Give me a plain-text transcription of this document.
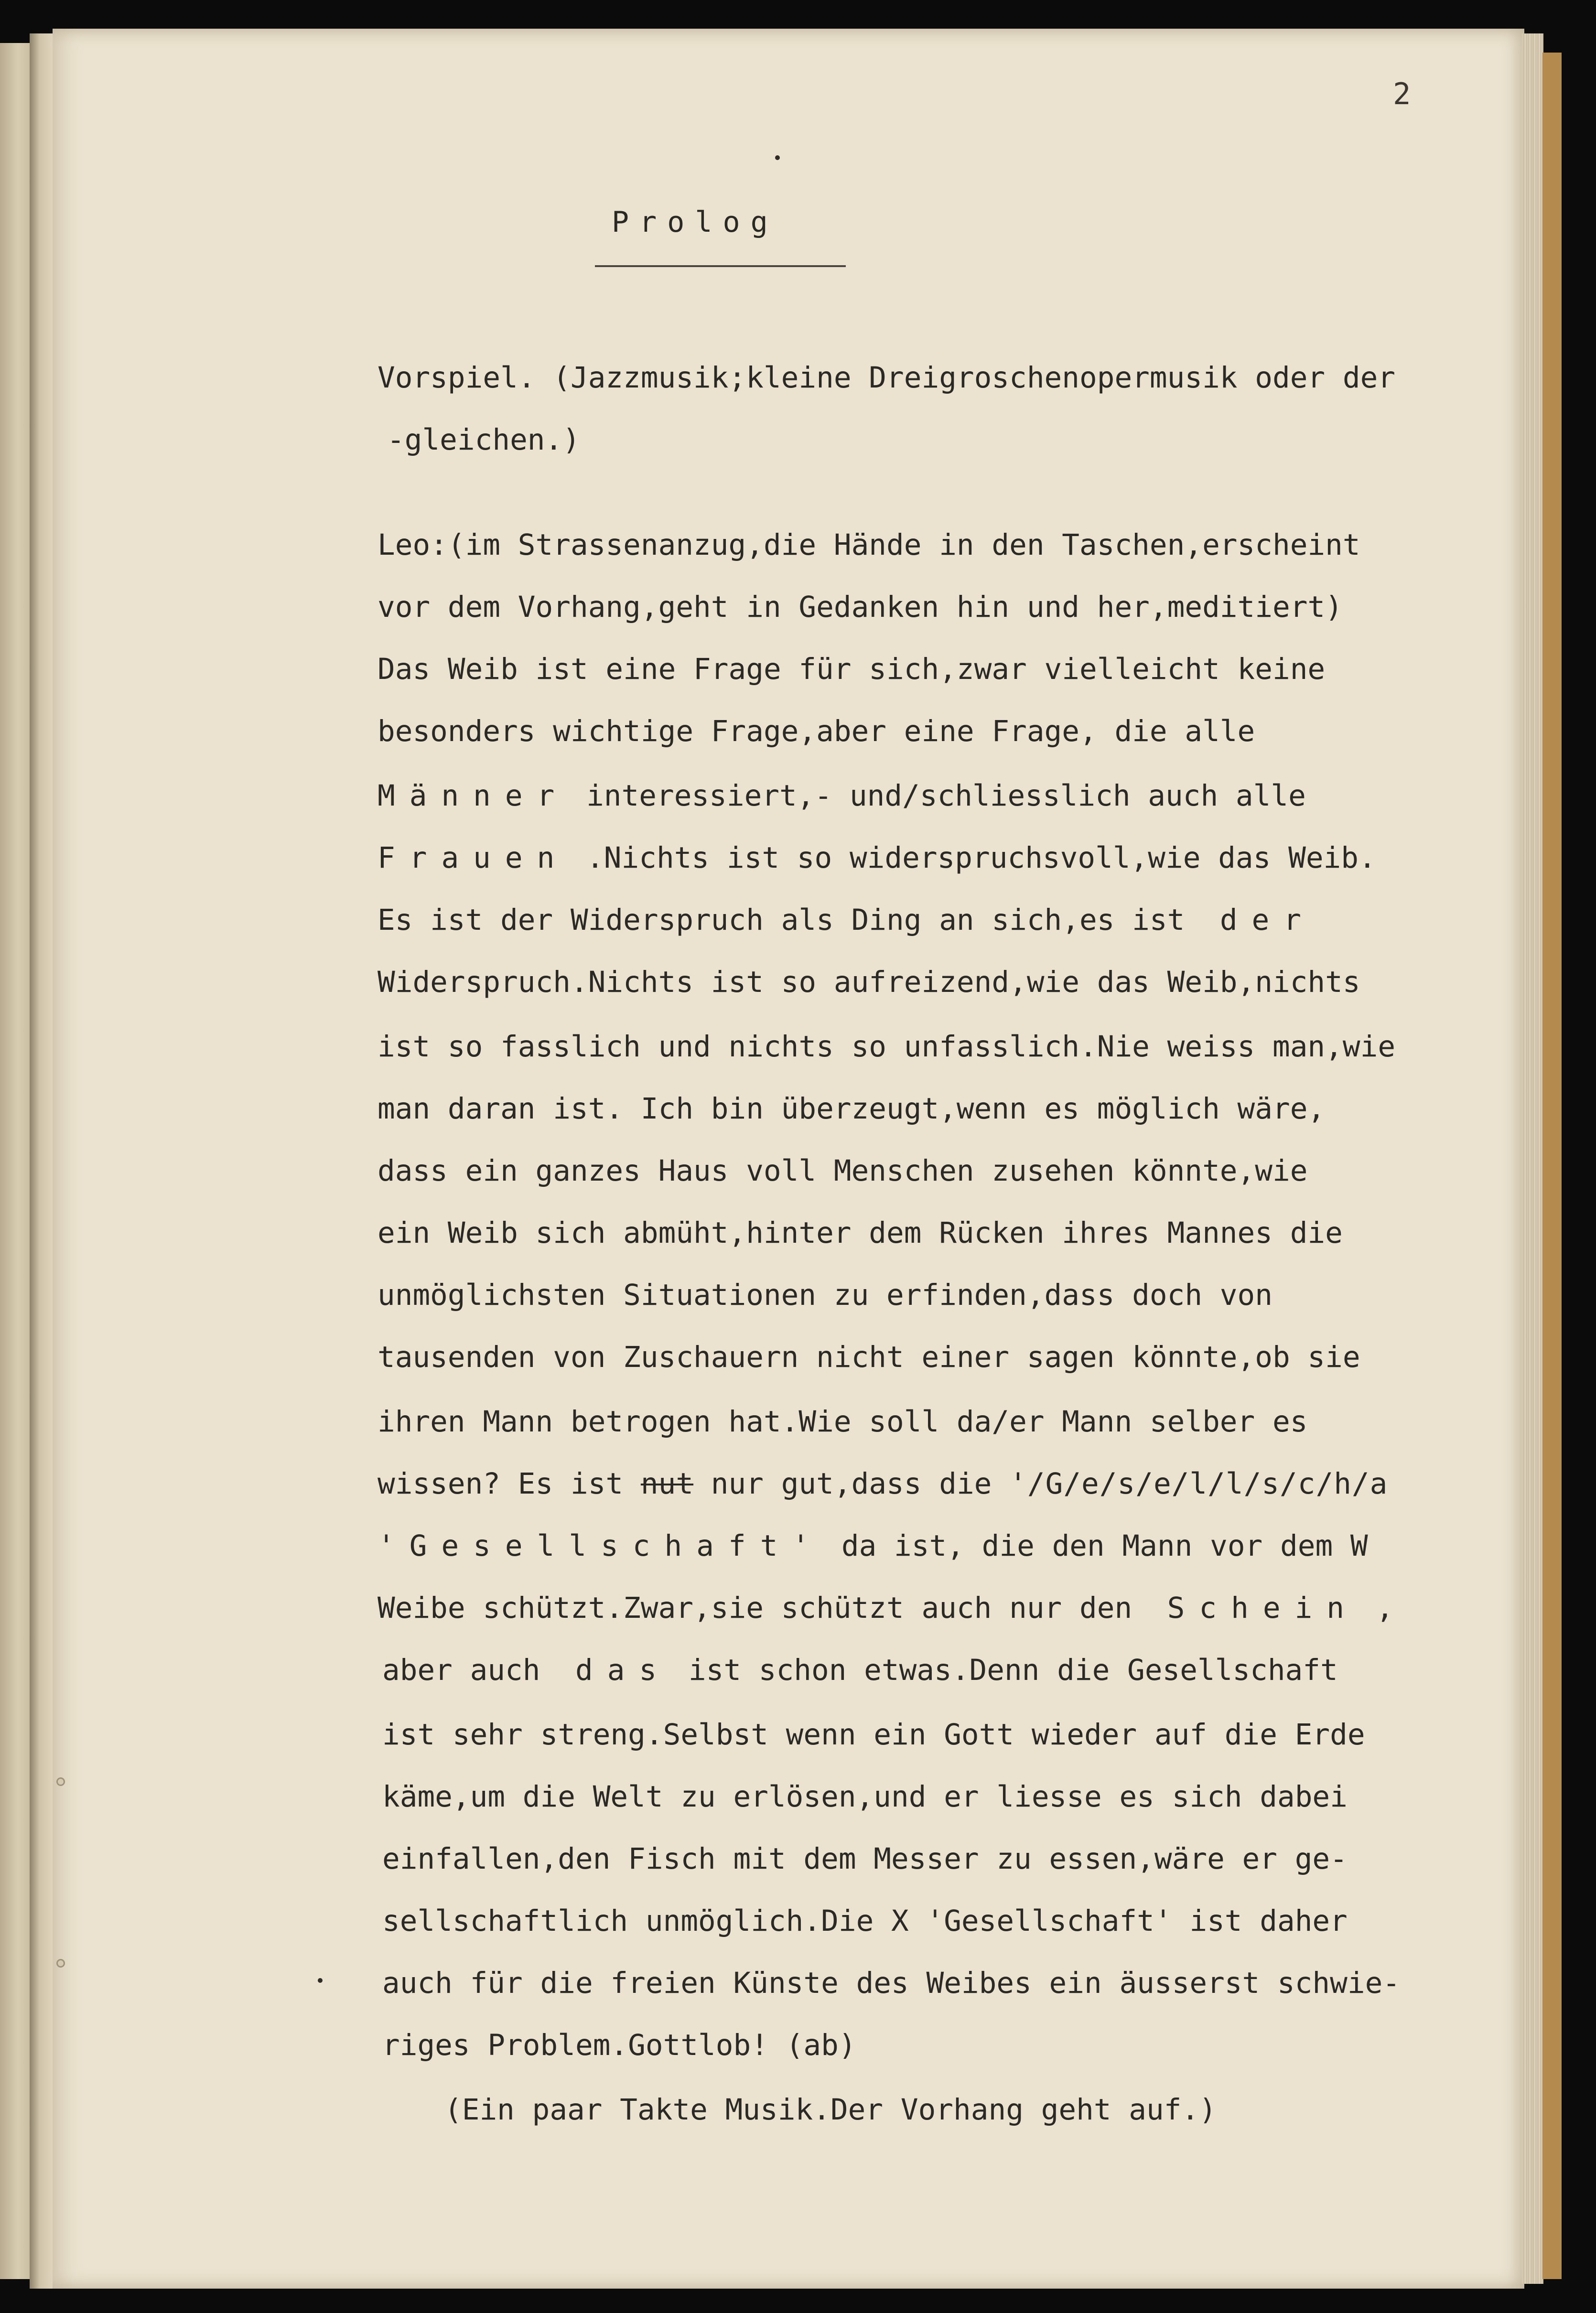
2
Prolog
Vorspiel. (Jazzmusik;kleine Dreigroschenopermusik oder der
-gleichen.)
Leo:(im Strassenanzug,die Hände in den Taschen,erscheint
vor dem Vorhang,geht in Gedanken hin und her,meditiert)
Das Weib ist eine Frage für sich,zwar vielleicht keine
besonders wichtige Frage,aber eine Frage, die alle
Männer interessiert,- und/schliesslich auch alle
Frauen .Nichts ist so widerspruchsvoll,wie das Weib.
Es ist der Widerspruch als Ding an sich,es ist  der
Widerspruch.Nichts ist so aufreizend,wie das Weib,nichts
ist so fasslich und nichts so unfasslich.Nie weiss man,wie
man daran ist. Ich bin überzeugt,wenn es möglich wäre,
dass ein ganzes Haus voll Menschen zusehen könnte,wie
ein Weib sich abmüht,hinter dem Rücken ihres Mannes die
unmöglichsten Situationen zu erfinden,dass doch von
tausenden von Zuschauern nicht einer sagen könnte,ob sie
ihren Mann betrogen hat.Wie soll da/er Mann selber es
wissen? Es ist nut nur gut,dass die '/G/e/s/e/l/l/s/c/h/a
'Gesellschaft' da ist, die den Mann vor dem W
Weibe schützt.Zwar,sie schützt auch nur den  Schein ,
aber auch  das ist schon etwas.Denn die Gesellschaft
ist sehr streng.Selbst wenn ein Gott wieder auf die Erde
käme,um die Welt zu erlösen,und er liesse es sich dabei
einfallen,den Fisch mit dem Messer zu essen,wäre er ge-
sellschaftlich unmöglich.Die X 'Gesellschaft' ist daher
auch für die freien Künste des Weibes ein äusserst schwie-
riges Problem.Gottlob! (ab)
(Ein paar Takte Musik.Der Vorhang geht auf.)
